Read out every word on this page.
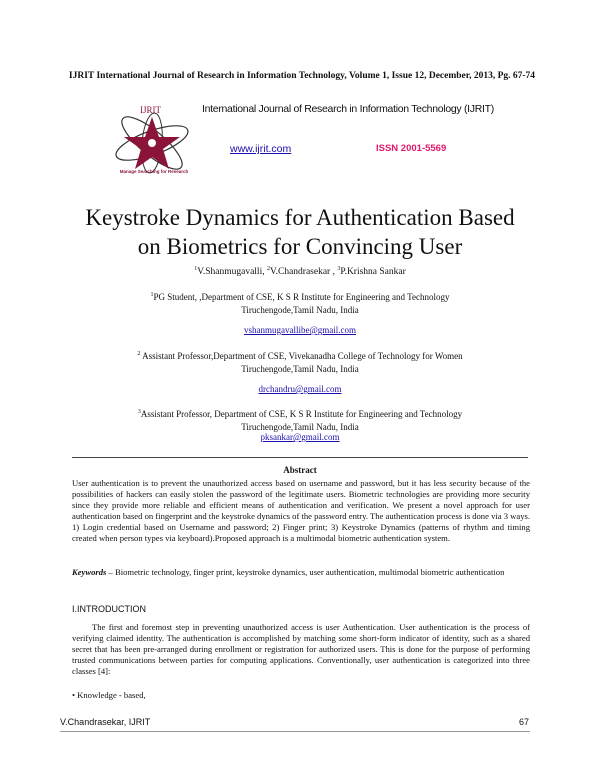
IJRIT International Journal of Research in Information Technology, Volume 1, Issue 12, December, 2013, Pg. 67-74
IJRIT
Manage Searching for Research
International Journal of Research in Information Technology (IJRIT)
www.ijrit.com	ISSN 2001-5569
Keystroke Dynamics for Authentication Based
on Biometrics for Convincing User
$^1$V.Shanmugavalli, $^2$V.Chandrasekar , $^3$P.Krishna Sankar
$^1$PG Student, ,Department of CSE, K S R Institute for Engineering and Technology
Tiruchengode,Tamil Nadu, India
vshanmugavallibe@gmail.com
$^2$ Assistant Professor,Department of CSE, Vivekanadha College of Technology for Women
Tiruchengode,Tamil Nadu, India
drchandru@gmail.com
$^3$Assistant Professor, Department of CSE, K S R Institute for Engineering and Technology
Tiruchengode,Tamil Nadu, India
pksankar@gmail.com
Abstract
User authentication is to prevent the unauthorized access based on username and password, but it has less security because of the possibilities of hackers can easily stolen the password of the legitimate users. Biometric technologies are providing more security since they provide more reliable and efficient means of authentication and verification. We present a novel approach for user authentication based on fingerprint and the keystroke dynamics of the password entry. The authentication process is done via 3 ways. 1) Login credential based on Username and password; 2) Finger print; 3) Keystroke Dynamics (patterns of rhythm and timing created when person types via keyboard).Proposed approach is a multimodal biometric authentication system.
Keywords – Biometric technology, finger print, keystroke dynamics, user authentication, multimodal biometric authentication
I.INTRODUCTION
The first and foremost step in preventing unauthorized access is user Authentication. User authentication is the process of verifying claimed identity. The authentication is accomplished by matching some short-form indicator of identity, such as a shared secret that has been pre-arranged during enrollment or registration for authorized users. This is done for the purpose of performing trusted communications between parties for computing applications. Conventionally, user authentication is categorized into three classes [4]:
• Knowledge - based,
V.Chandrasekar, IJRIT	67
